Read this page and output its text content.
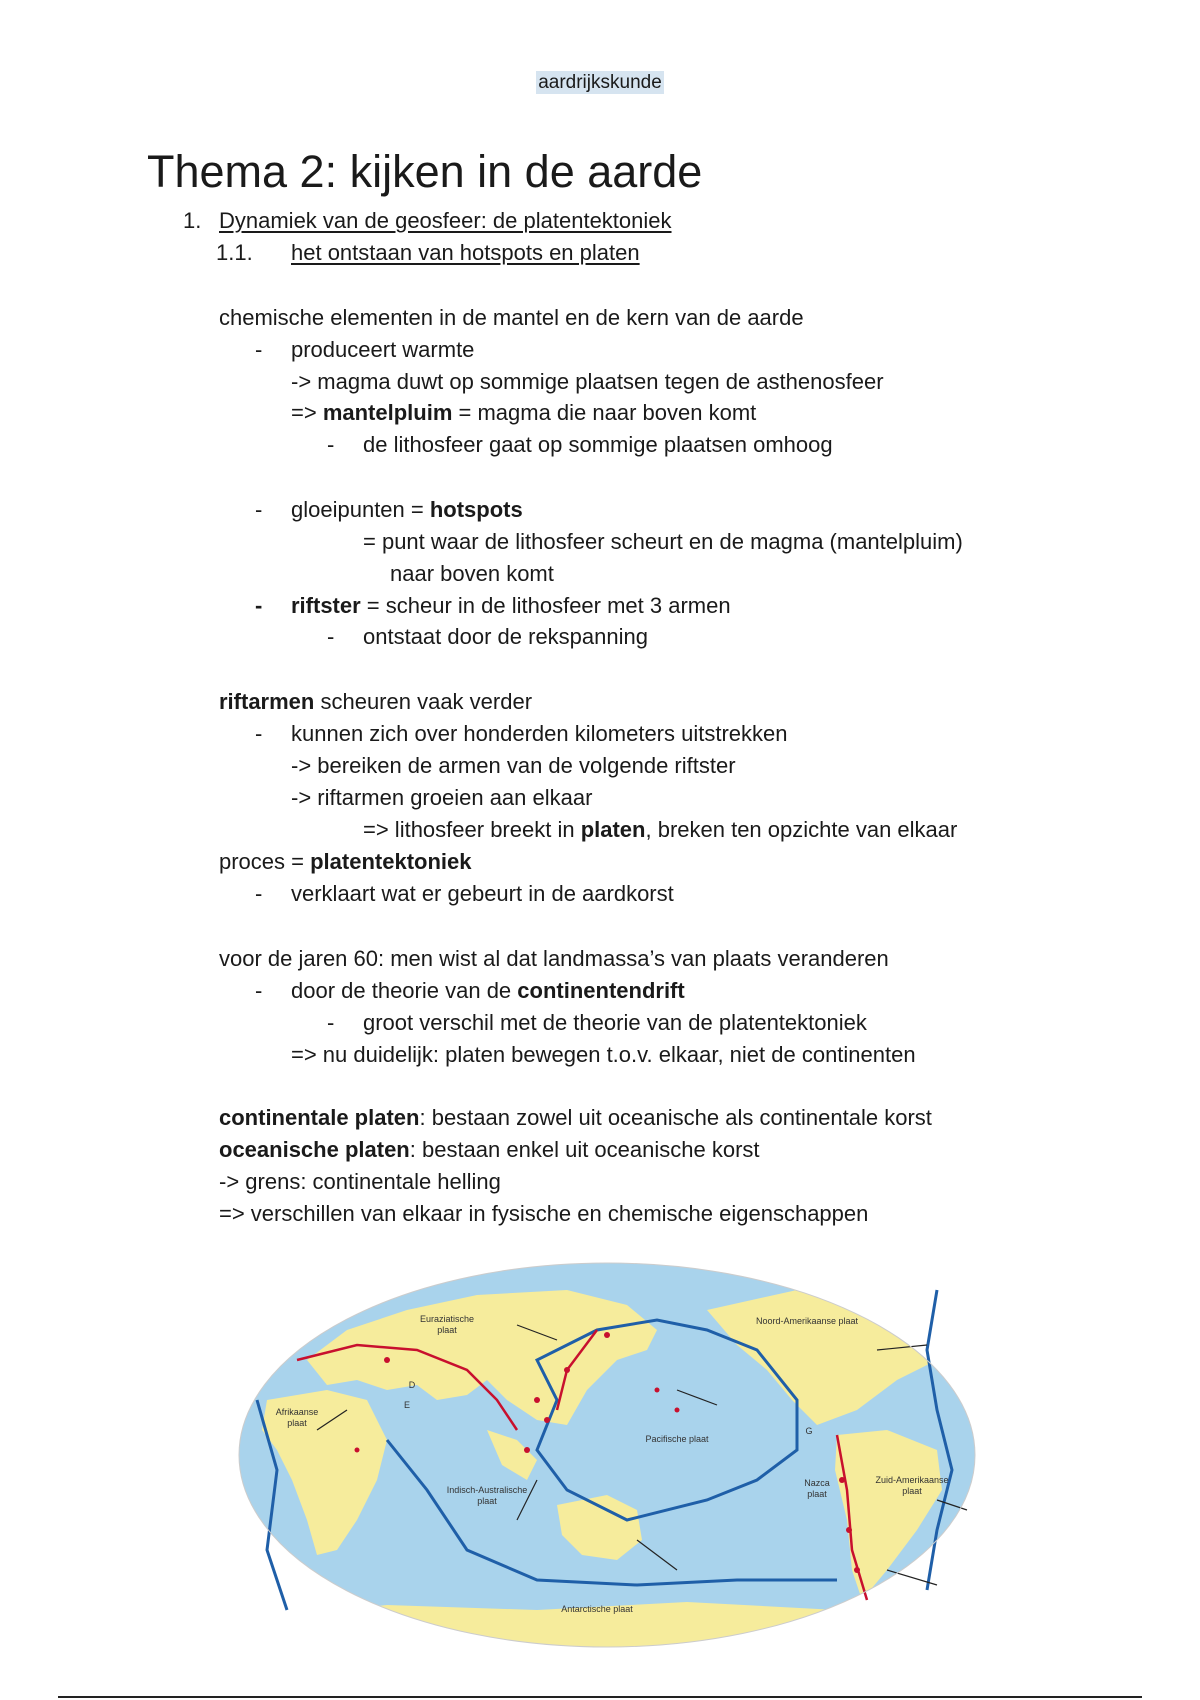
aardrijkskunde
Thema 2: kijken in de aarde
1. Dynamiek van de geosfeer: de platentektoniek
1.1. het ontstaan van hotspots en platen
chemische elementen in de mantel en de kern van de aarde
- produceert warmte
-> magma duwt op sommige plaatsen tegen de asthenosfeer
=> mantelpluim = magma die naar boven komt
- de lithosfeer gaat op sommige plaatsen omhoog
- gloeipunten = hotspots
= punt waar de lithosfeer scheurt en de magma (mantelpluim)
naar boven komt
- riftster = scheur in de lithosfeer met 3 armen
- ontstaat door de rekspanning
riftarmen scheuren vaak verder
- kunnen zich over honderden kilometers uitstrekken
-> bereiken de armen van de volgende riftster
-> riftarmen groeien aan elkaar
=> lithosfeer breekt in platen, breken ten opzichte van elkaar
proces = platentektoniek
- verklaart wat er gebeurt in de aardkorst
voor de jaren 60: men wist al dat landmassa’s van plaats veranderen
- door de theorie van de continentendrift
- groot verschil met de theorie van de platentektoniek
=> nu duidelijk: platen bewegen t.o.v. elkaar, niet de continenten
continentale platen: bestaan zowel uit oceanische als continentale korst
oceanische platen: bestaan enkel uit oceanische korst
-> grens: continentale helling
=> verschillen van elkaar in fysische en chemische eigenschappen
Euraziatische
plaat
Noord-Amerikaanse plaat
Afrikaanse
plaat
Pacifische plaat
Indisch-Australische
plaat
Nazca
plaat
Zuid-Amerikaanse
plaat
Antarctische plaat
D
E
G
